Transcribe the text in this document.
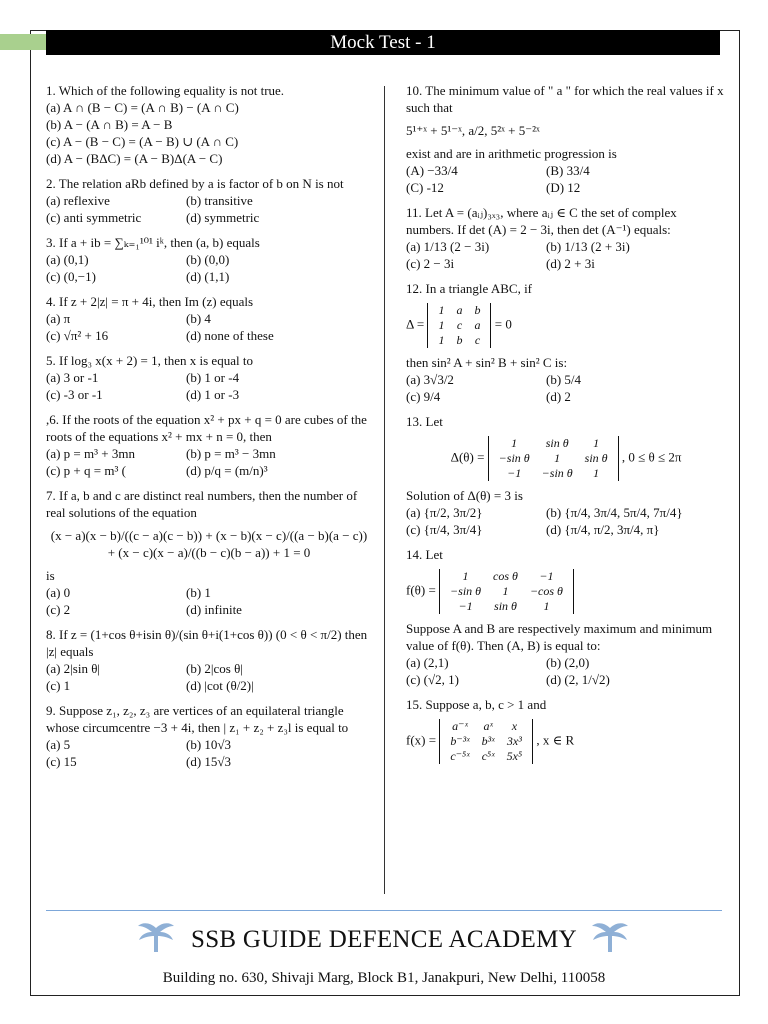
Mock Test - 1

1. Which of the following equality is not true.

(a) A ∩ (B − C) = (A ∩ B) − (A ∩ C)
(b) A − (A ∩ B) = A − B
(c) A − (B − C) = (A − B) ∪ (A ∩ C)
(d) A − (BΔC) = (A − B)Δ(A − C)

2. The relation aRb defined by a is factor of b on N is not

(a) reflexive	(b) transitive
(c) anti symmetric	(d) symmetric

3. If a + ib = ∑ₖ₌₁¹⁰¹ iᵏ, then (a, b) equals

(a) (0,1)	(b) (0,0)
(c) (0,−1)	(d) (1,1)

4. If z + 2|z| = π + 4i, then Im (z) equals

(a) π	(b) 4
(c) √π² + 16	(d) none of these

5. If log₃ x(x + 2) = 1, then x is equal to

(a) 3 or -1	(b) 1 or -4
(c) -3 or -1	(d) 1 or -3

,6. If the roots of the equation x² + px + q = 0 are cubes of the roots of the equations x² + mx + n = 0, then

(a) p = m³ + 3mn	(b) p = m³ − 3mn
(c) p + q = m³ (	(d) p/q = (m/n)³

7. If a, b and c are distinct real numbers, then the number of real solutions of the equation

(x − a)(x − b)/((c − a)(c − b)) + (x − b)(x − c)/((a − b)(a − c)) + (x − c)(x − a)/((b − c)(b − a)) + 1 = 0

is

(a) 0	(b) 1
(c) 2	(d) infinite

8. If z = (1+cos θ+isin θ)/(sin θ+i(1+cos θ)) (0 < θ < π/2) then |z| equals

(a) 2|sin θ|	(b) 2|cos θ|
(c) 1	(d) |cot (θ/2)|

9. Suppose z₁, z₂, z₃ are vertices of an equilateral triangle whose circumcentre −3 + 4i, then | z₁ + z₂ + z₃l is equal to

(a) 5	(b) 10√3
(c) 15	(d) 15√3

10. The minimum value of " a " for which the real values if x such that

5¹⁺ˣ + 5¹⁻ˣ, a/2, 5²ˣ + 5⁻²ˣ

exist and are in arithmetic progression is

(A) −33/4	(B) 33/4
(C) -12	(D) 12

11. Let A = (aᵢⱼ)₃ₓ₃, where aᵢⱼ ∈ C the set of complex numbers. If det (A) = 2 − 3i, then det (A⁻¹) equals:

(a) 1/13 (2 − 3i)	(b) 1/13 (2 + 3i)
(c) 2 − 3i	(d) 2 + 3i

12. In a triangle ABC, if

Δ =
1	a	b
1	c	a
1	b	c
= 0

then sin² A + sin² B + sin² C is:

(a) 3√3/2	(b) 5/4
(c) 9/4	(d) 2

13. Let

Δ(θ) =
1	sin θ	1
−sin θ	1	sin θ
−1	−sin θ	1
, 0 ≤ θ ≤ 2π

Solution of Δ(θ) = 3 is

(a) {π/2, 3π/2}	(b) {π/4, 3π/4, 5π/4, 7π/4}
(c) {π/4, 3π/4}	(d) {π/4, π/2, 3π/4, π}

14. Let

f(θ) =
1	cos θ	−1
−sin θ	1	−cos θ
−1	sin θ	1

Suppose A and B are respectively maximum and minimum value of f(θ). Then (A, B) is equal to:

(a) (2,1)	(b) (2,0)
(c) (√2, 1)	(d) (2, 1/√2)

15. Suppose a, b, c > 1 and

f(x) =
a⁻ˣ	aˣ	x
b⁻³ˣ	b³ˣ	3x³
c⁻⁵ˣ	c⁵ˣ	5x⁵
, x ∈ R
SSB GUIDE DEFENCE ACADEMY
Building no. 630, Shivaji Marg, Block B1, Janakpuri, New Delhi, 110058
